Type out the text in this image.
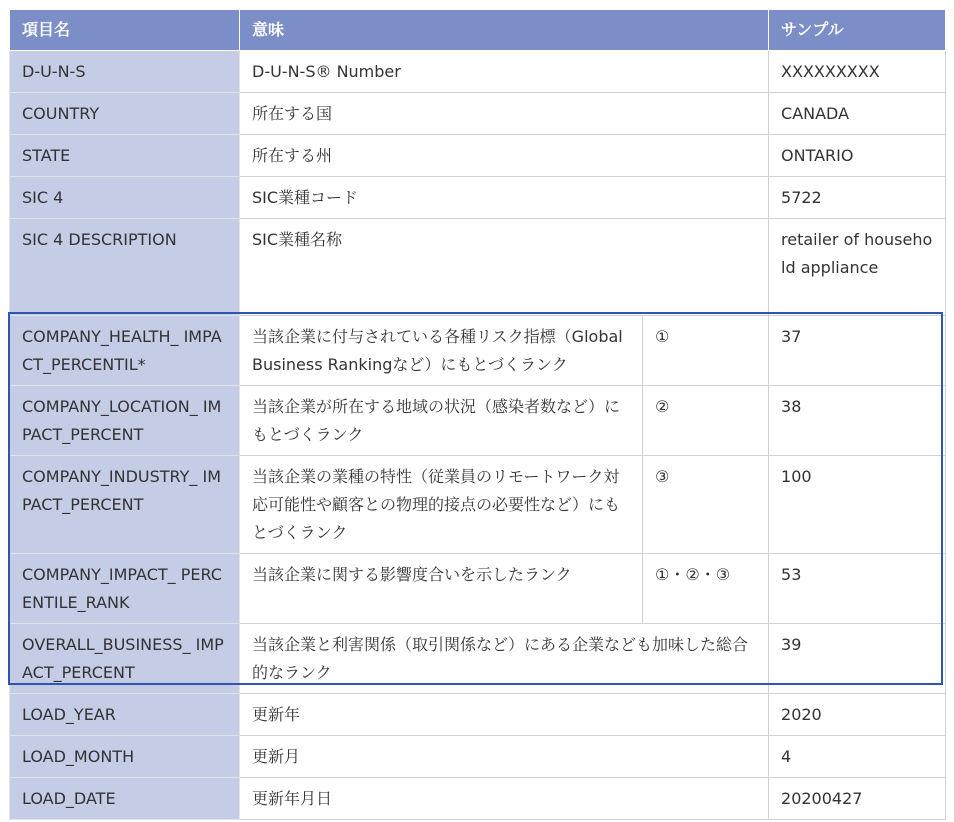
項目名	意味		サンプル
D-U-N-S	D-U-N-S® Number		XXXXXXXXX
COUNTRY	所在する国		CANADA
STATE	所在する州		ONTARIO
SIC 4	SIC業種コード		5722
SIC 4 DESCRIPTION	SIC業種名称		retailer of household appliance
COMPANY_HEALTH_ IMPACT_PERCENTIL*	当該企業に付与されている各種リスク指標（Global Business Rankingなど）にもとづくランク	①	37
COMPANY_LOCATION_ IMPACT_PERCENT	当該企業が所在する地域の状況（感染者数など）にもとづくランク	②	38
COMPANY_INDUSTRY_ IMPACT_PERCENT	当該企業の業種の特性（従業員のリモートワーク対応可能性や顧客との物理的接点の必要性など）にもとづくランク	③	100
COMPANY_IMPACT_ PERCENTILE_RANK	当該企業に関する影響度合いを示したランク	①・②・③	53
OVERALL_BUSINESS_ IMPACT_PERCENT	当該企業と利害関係（取引関係など）にある企業なども加味した総合的なランク		39
LOAD_YEAR	更新年		2020
LOAD_MONTH	更新月		4
LOAD_DATE	更新年月日		20200427
